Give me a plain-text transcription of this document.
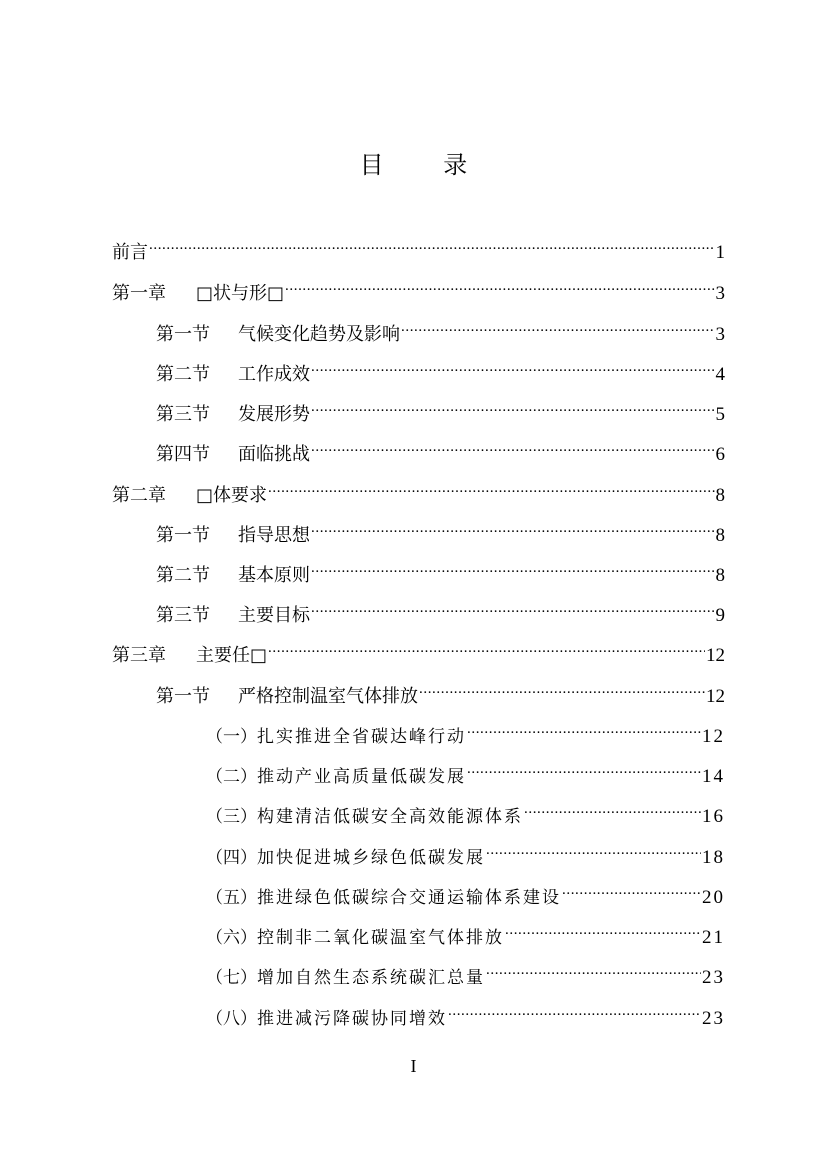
目 录
前言 .....	1
第一章	□状与形□ .....	3
第一节	气候变化趋势及影响 .....	3
第二节	工作成效 .....	4
第三节	发展形势 .....	5
第四节	面临挑战 .....	6
第二章	□体要求 .....	8
第一节	指导思想 .....	8
第二节	基本原则 .....	8
第三节	主要目标 .....	9
第三章	主要任□ .....	12
第一节	严格控制温室气体排放 .....	12
（一） 扎实推进全省碳达峰行动 .....	12
（二） 推动产业高质量低碳发展 .....	14
（三） 构建清洁低碳安全高效能源体系 .....	16
（四） 加快促进城乡绿色低碳发展 .....	18
（五） 推进绿色低碳综合交通运输体系建设 .....	20
（六） 控制非二氧化碳温室气体排放 .....	21
（七） 增加自然生态系统碳汇总量 .....	23
（八） 推进减污降碳协同增效 .....	23
I
